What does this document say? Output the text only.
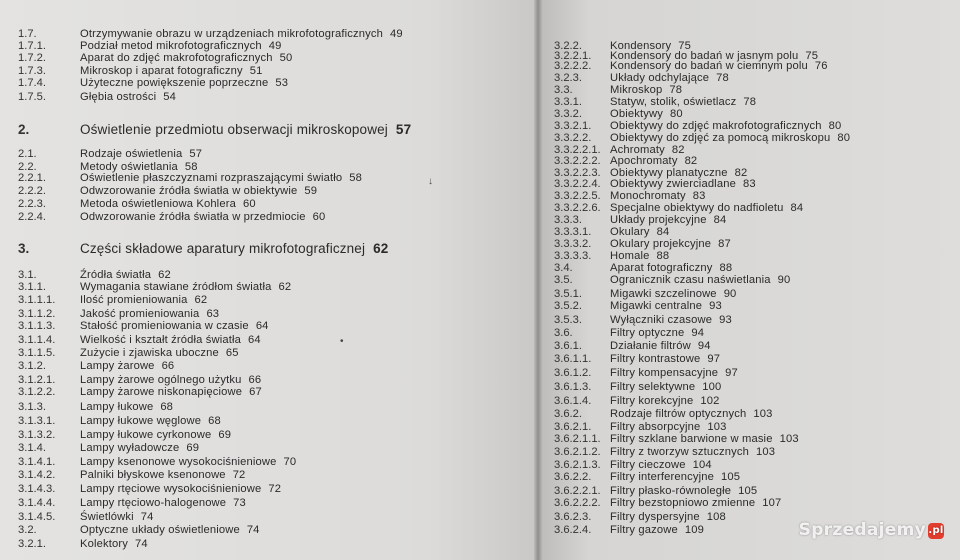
↓
•
Sprzedajemy .pl
1.7.	Otrzymywanie obrazu w urządzeniach mikrofotograficznych 49
1.7.1.	Podział metod mikrofotograficznych 49
1.7.2.	Aparat do zdjęć makrofotograficznych 50
1.7.3.	Mikroskop i aparat fotograficzny 51
1.7.4.	Użyteczne powiększenie poprzeczne 53
1.7.5.	Głębia ostrości 54
2.	Oświetlenie przedmiotu obserwacji mikroskopowej 57
2.1.	Rodzaje oświetlenia 57
2.2.	Metody oświetlania 58
2.2.1.	Oświetlenie płaszczyznami rozpraszającymi światło 58
2.2.2.	Odwzorowanie źródła światła w obiektywie 59
2.2.3.	Metoda oświetleniowa Kohlera 60
2.2.4.	Odwzorowanie źródła światła w przedmiocie 60
3.	Części składowe aparatury mikrofotograficznej 62
3.1.	Źródła światła 62
3.1.1.	Wymagania stawiane źródłom światła 62
3.1.1.1. Ilość promieniowania 62
3.1.1.2. Jakość promieniowania 63
3.1.1.3. Stałość promieniowania w czasie 64
3.1.1.4. Wielkość i kształt źródła światła 64
3.1.1.5. Zużycie i zjawiska uboczne 65
3.1.2.	Lampy żarowe 66
3.1.2.1. Lampy żarowe ogólnego użytku 66
3.1.2.2. Lampy żarowe niskonapięciowe 67
3.1.3.	Lampy łukowe 68
3.1.3.1. Lampy łukowe węglowe 68
3.1.3.2. Lampy łukowe cyrkonowe 69
3.1.4.	Lampy wyładowcze 69
3.1.4.1. Lampy ksenonowe wysokociśnieniowe 70
3.1.4.2. Palniki błyskowe ksenonowe 72
3.1.4.3. Lampy rtęciowe wysokociśnieniowe 72
3.1.4.4. Lampy rtęciowo-halogenowe 73
3.1.4.5. Świetlówki 74
3.2.	Optyczne układy oświetleniowe 74
3.2.1.	Kolektory 74
3.2.2.	Kondensory 75
3.2.2.1. Kondensory do badań w jasnym polu 75
3.2.2.2. Kondensory do badań w ciemnym polu 76
3.2.3.	Układy odchylające 78
3.3.	Mikroskop 78
3.3.1.	Statyw, stolik, oświetlacz 78
3.3.2.	Obiektywy 80
3.3.2.1. Obiektywy do zdjęć makrofotograficznych 80
3.3.2.2. Obiektywy do zdjęć za pomocą mikroskopu 80
3.3.2.2.1. Achromaty 82
3.3.2.2.2. Apochromaty 82
3.3.2.2.3. Obiektywy planatyczne 82
3.3.2.2.4. Obiektywy zwierciadlane 83
3.3.2.2.5. Monochromaty 83
3.3.2.2.6. Specjalne obiektywy do nadfioletu 84
3.3.3.	Układy projekcyjne 84
3.3.3.1. Okulary 84
3.3.3.2. Okulary projekcyjne 87
3.3.3.3. Homale 88
3.4.	Aparat fotograficzny 88
3.5.	Ogranicznik czasu naświetlania 90
3.5.1.	Migawki szczelinowe 90
3.5.2.	Migawki centralne 93
3.5.3.	Wyłączniki czasowe 93
3.6.	Filtry optyczne 94
3.6.1.	Działanie filtrów 94
3.6.1.1. Filtry kontrastowe 97
3.6.1.2. Filtry kompensacyjne 97
3.6.1.3. Filtry selektywne 100
3.6.1.4. Filtry korekcyjne 102
3.6.2.	Rodzaje filtrów optycznych 103
3.6.2.1. Filtry absorpcyjne 103
3.6.2.1.1. Filtry szklane barwione w masie 103
3.6.2.1.2. Filtry z tworzyw sztucznych 103
3.6.2.1.3. Filtry cieczowe 104
3.6.2.2. Filtry interferencyjne 105
3.6.2.2.1. Filtry płasko-równoległe 105
3.6.2.2.2. Filtry bezstopniowo zmienne 107
3.6.2.3. Filtry dyspersyjne 108
3.6.2.4. Filtry gazowe 109
